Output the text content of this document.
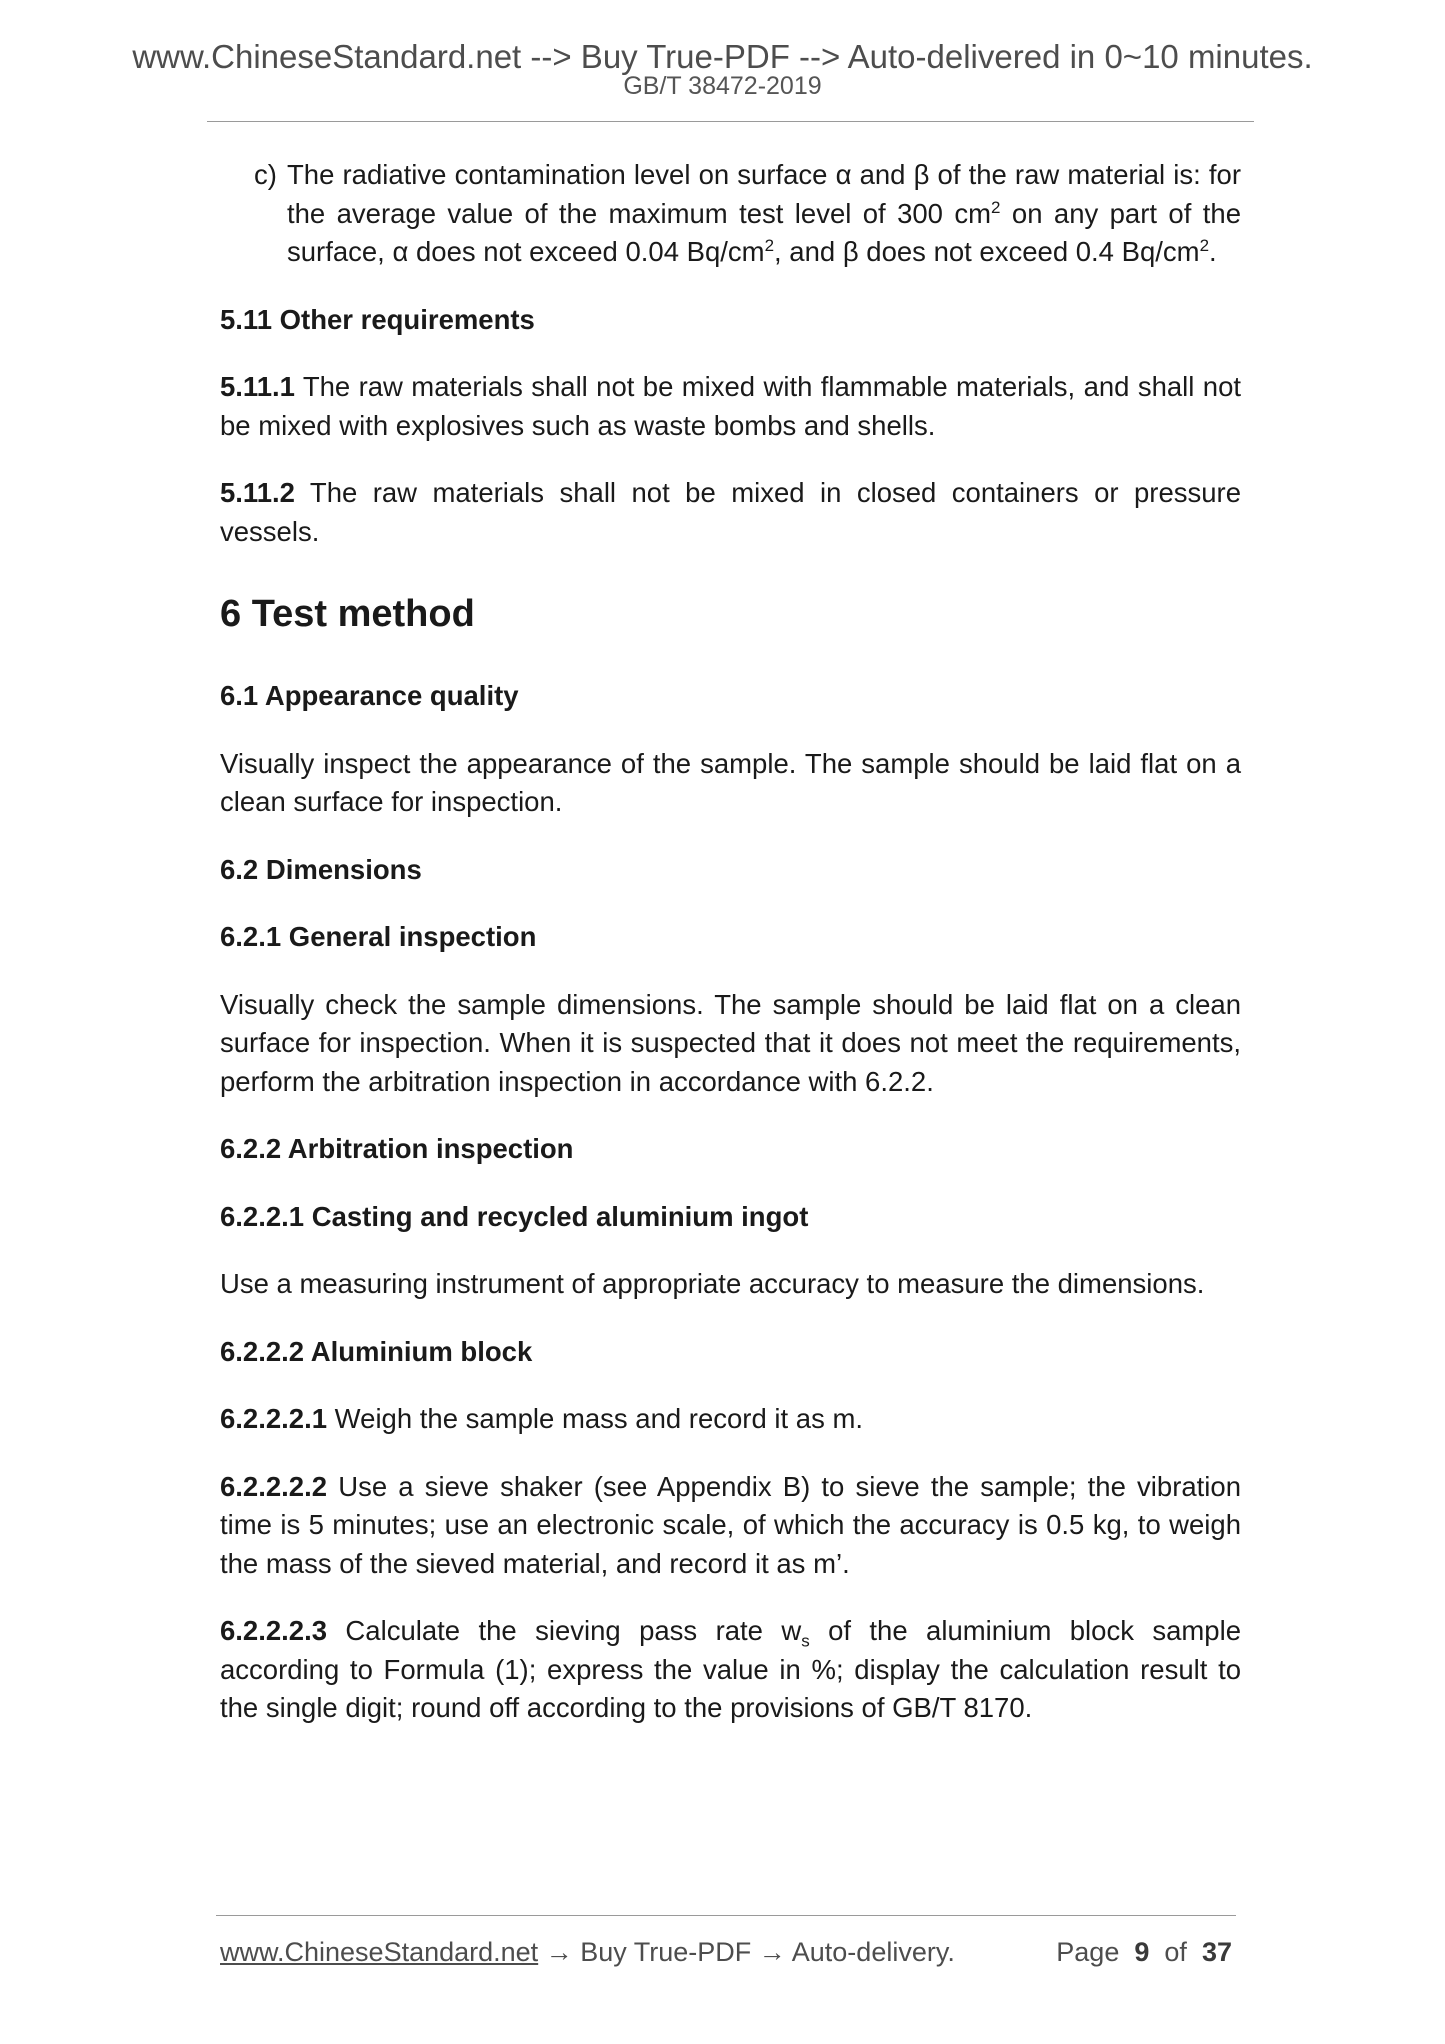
www.ChineseStandard.net --> Buy True-PDF --> Auto-delivered in 0~10 minutes.
GB/T 38472-2019
c) The radiative contamination level on surface α and β of the raw material is: for the average value of the maximum test level of 300 $cm^2$ on any part of the surface, α does not exceed 0.04 $Bq/cm^2$, and β does not exceed 0.4 $Bq/cm^2$.

5.11 Other requirements

5.11.1 The raw materials shall not be mixed with flammable materials, and shall not be mixed with explosives such as waste bombs and shells.

5.11.2 The raw materials shall not be mixed in closed containers or pressure vessels.

6 Test method

6.1 Appearance quality

Visually inspect the appearance of the sample. The sample should be laid flat on a clean surface for inspection.

6.2 Dimensions

6.2.1 General inspection

Visually check the sample dimensions. The sample should be laid flat on a clean surface for inspection. When it is suspected that it does not meet the requirements, perform the arbitration inspection in accordance with 6.2.2.

6.2.2 Arbitration inspection

6.2.2.1 Casting and recycled aluminium ingot

Use a measuring instrument of appropriate accuracy to measure the dimensions.

6.2.2.2 Aluminium block

6.2.2.2.1 Weigh the sample mass and record it as m.

6.2.2.2.2 Use a sieve shaker (see Appendix B) to sieve the sample; the vibration time is 5 minutes; use an electronic scale, of which the accuracy is 0.5 kg, to weigh the mass of the sieved material, and record it as m’.

6.2.2.2.3 Calculate the sieving pass rate $w_s$ of the aluminium block sample according to Formula (1); express the value in %; display the calculation result to the single digit; round off according to the provisions of GB/T 8170.

www.ChineseStandard.net → Buy True-PDF → Auto-delivery.	Page 9 of 37
